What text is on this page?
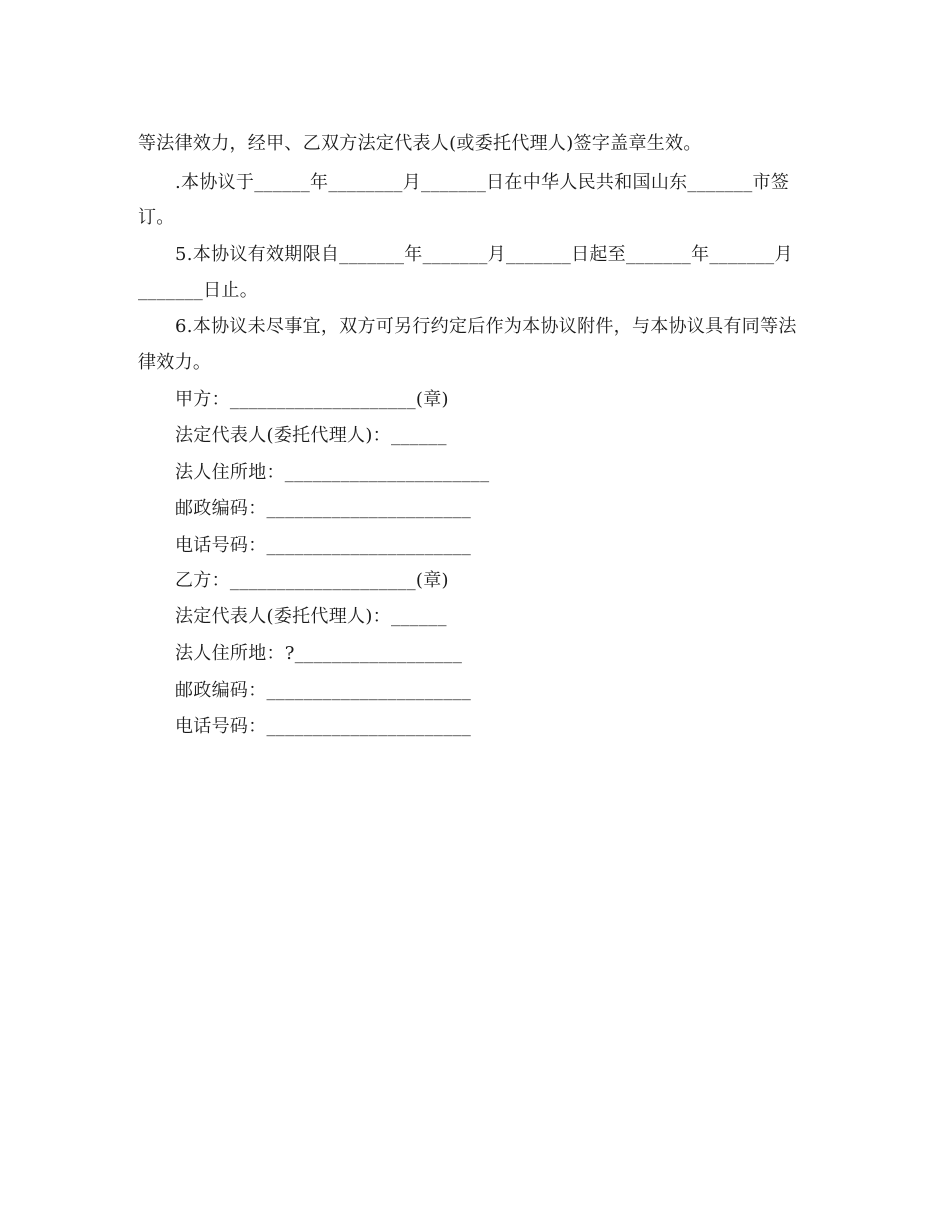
等法律效力，经甲、乙双方法定代表人(或委托代理人)签字盖章生效。
.本协议于______年________月_______日在中华人民共和国山东_______市签
订。
5.本协议有效期限自_______年_______月_______日起至_______年_______月
_______日止。
6.本协议未尽事宜，双方可另行约定后作为本协议附件，与本协议具有同等法
律效力。
甲方：____________________(章)
法定代表人(委托代理人)：______
法人住所地：______________________
邮政编码：______________________
电话号码：______________________
乙方：____________________(章)
法定代表人(委托代理人)：______
法人住所地：?__________________
邮政编码：______________________
电话号码：______________________
